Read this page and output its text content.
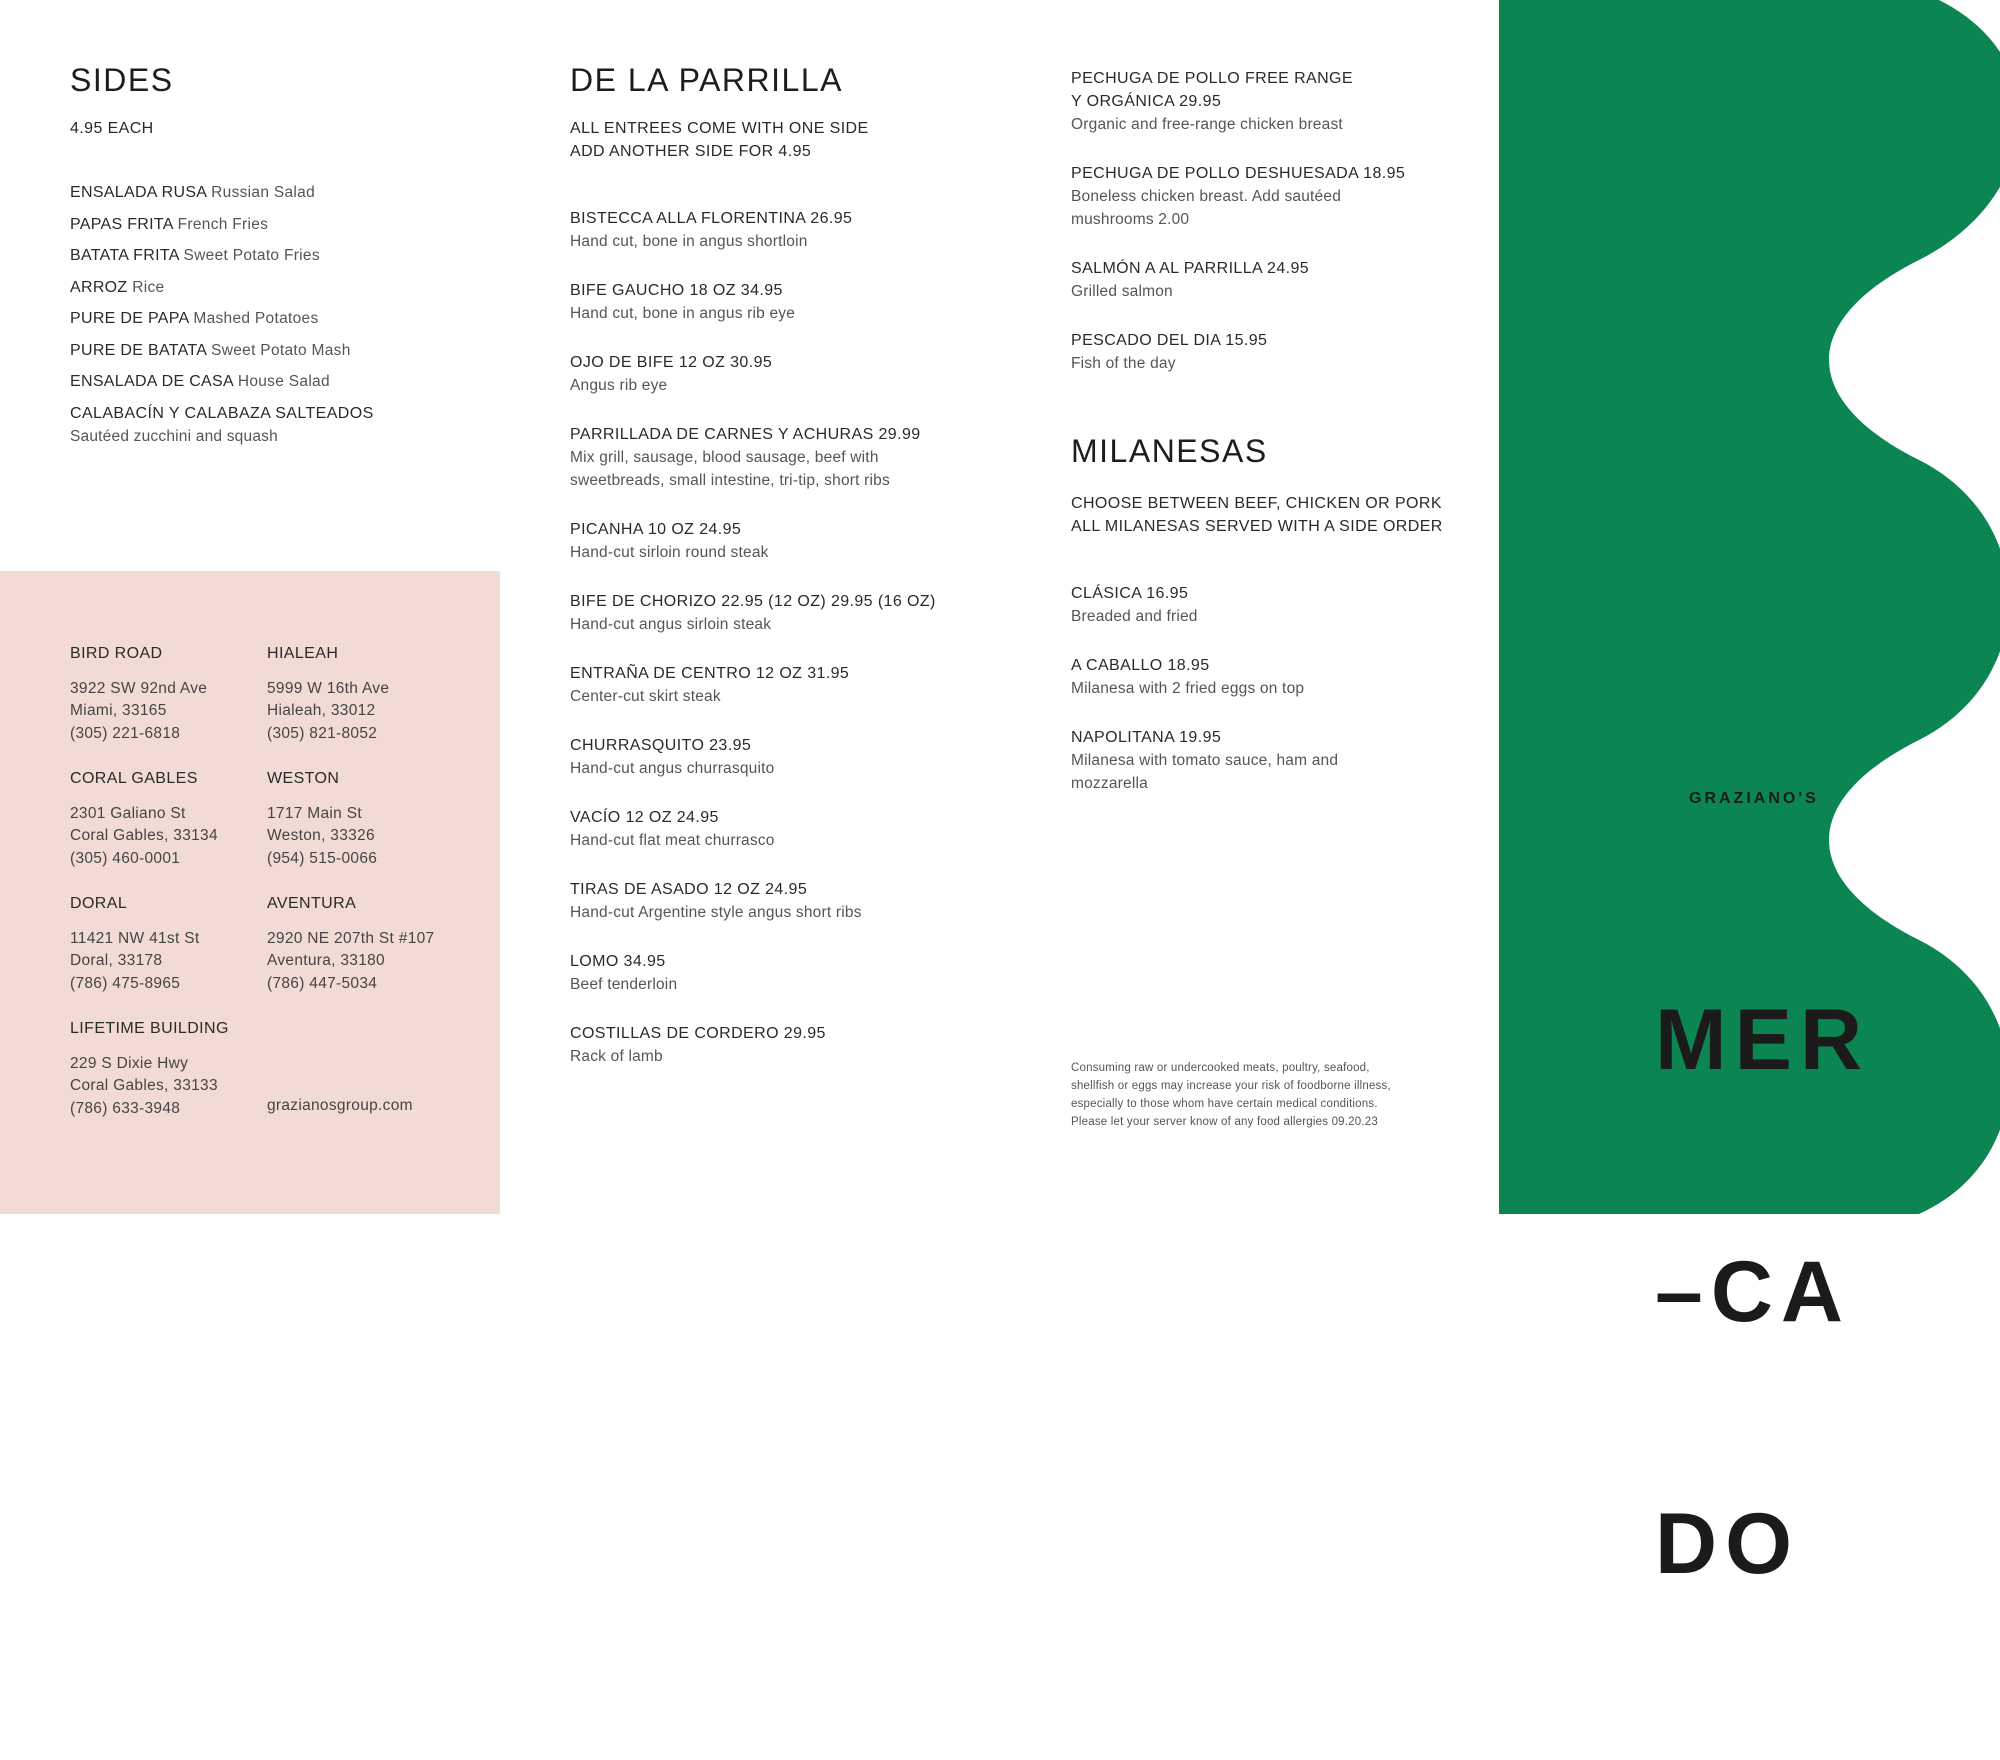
SIDES
4.95 EACH
ENSALADA RUSA Russian Salad
PAPAS FRITA French Fries
BATATA FRITA Sweet Potato Fries
ARROZ Rice
PURE DE PAPA Mashed Potatoes
PURE DE BATATA Sweet Potato Mash
ENSALADA DE CASA House Salad
CALABACÍN Y CALABAZA SALTEADOS
Sautéed zucchini and squash
BIRD ROAD
3922 SW 92nd Ave
Miami, 33165
(305) 221-6818
HIALEAH
5999 W 16th Ave
Hialeah, 33012
(305) 821-8052
CORAL GABLES
2301 Galiano St
Coral Gables, 33134
(305) 460-0001
WESTON
1717 Main St
Weston, 33326
(954) 515-0066
DORAL
11421 NW 41st St
Doral, 33178
(786) 475-8965
AVENTURA
2920 NE 207th St #107
Aventura, 33180
(786) 447-5034
LIFETIME BUILDING
229 S Dixie Hwy
Coral Gables, 33133
(786) 633-3948	grazianosgroup.com
DE LA PARRILLA
ALL ENTREES COME WITH ONE SIDE
ADD ANOTHER SIDE FOR 4.95
BISTECCA ALLA FLORENTINA 26.95
Hand cut, bone in angus shortloin
BIFE GAUCHO 18 OZ 34.95
Hand cut, bone in angus rib eye
OJO DE BIFE 12 OZ 30.95
Angus rib eye
PARRILLADA DE CARNES Y ACHURAS 29.99
Mix grill, sausage, blood sausage, beef with
sweetbreads, small intestine, tri-tip, short ribs
PICANHA 10 OZ 24.95
Hand-cut sirloin round steak
BIFE DE CHORIZO 22.95 (12 OZ) 29.95 (16 OZ)
Hand-cut angus sirloin steak
ENTRAÑA DE CENTRO 12 OZ 31.95
Center-cut skirt steak
CHURRASQUITO 23.95
Hand-cut angus churrasquito
VACÍO 12 OZ 24.95
Hand-cut flat meat churrasco
TIRAS DE ASADO 12 OZ 24.95
Hand-cut Argentine style angus short ribs
LOMO 34.95
Beef tenderloin
COSTILLAS DE CORDERO 29.95
Rack of lamb
PECHUGA DE POLLO FREE RANGE
Y ORGÁNICA 29.95
Organic and free-range chicken breast
PECHUGA DE POLLO DESHUESADA 18.95
Boneless chicken breast. Add sautéed
mushrooms 2.00
SALMÓN A AL PARRILLA 24.95
Grilled salmon
PESCADO DEL DIA 15.95
Fish of the day
MILANESAS
CHOOSE BETWEEN BEEF, CHICKEN OR PORK
ALL MILANESAS SERVED WITH A SIDE ORDER
CLÁSICA 16.95
Breaded and fried
A CABALLO 18.95
Milanesa with 2 fried eggs on top
NAPOLITANA 19.95
Milanesa with tomato sauce, ham and
mozzarella
Consuming raw or undercooked meats, poultry, seafood,
shellfish or eggs may increase your risk of foodborne illness,
especially to those whom have certain medical conditions.
Please let your server know of any food allergies 09.20.23
GRAZIANO'S

MER

–CA

DO
